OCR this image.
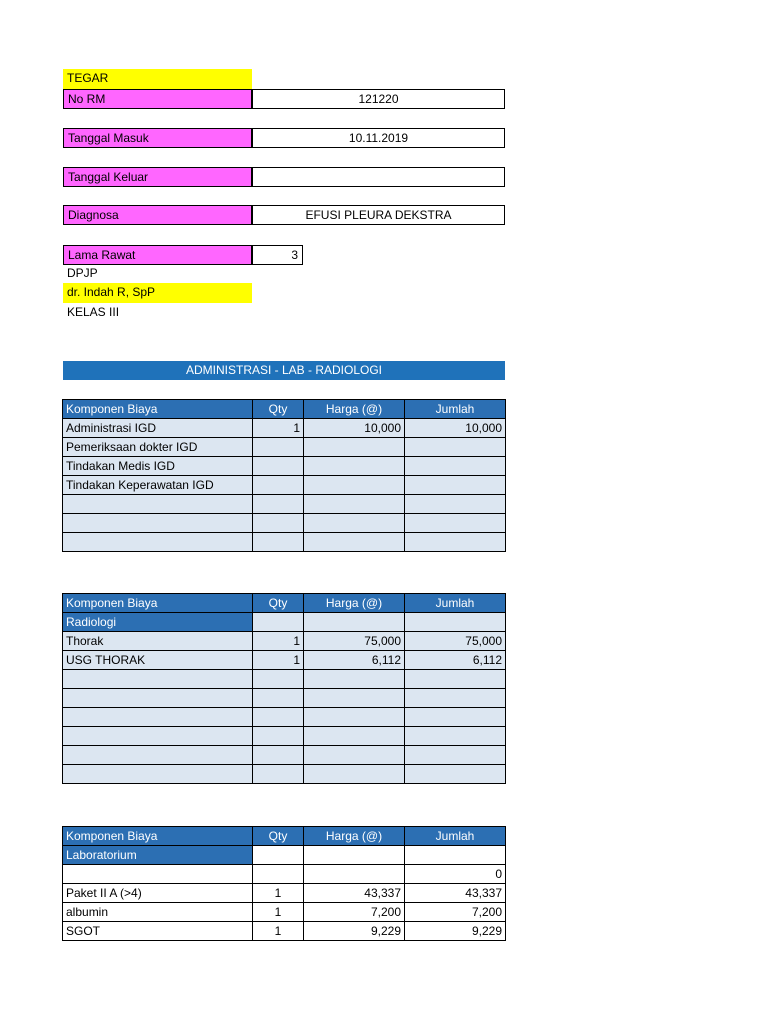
TEGAR
No RM	121220
Tanggal Masuk	10.11.2019
Tanggal Keluar
Diagnosa	EFUSI PLEURA DEKSTRA
Lama Rawat	3
DPJP
dr. Indah R, SpP
KELAS III
ADMINISTRASI - LAB - RADIOLOGI
Komponen Biaya	Qty	Harga (@)	Jumlah
Administrasi IGD	1	10,000	10,000
Pemeriksaan dokter IGD			
Tindakan Medis IGD			
Tindakan Keperawatan IGD			

Komponen Biaya	Qty	Harga (@)	Jumlah
Radiologi			
Thorak	1	75,000	75,000
USG THORAK	1	6,112	6,112

Komponen Biaya	Qty	Harga (@)	Jumlah
Laboratorium			
			0
Paket II A (>4)	1	43,337	43,337
albumin	1	7,200	7,200
SGOT	1	9,229	9,229
